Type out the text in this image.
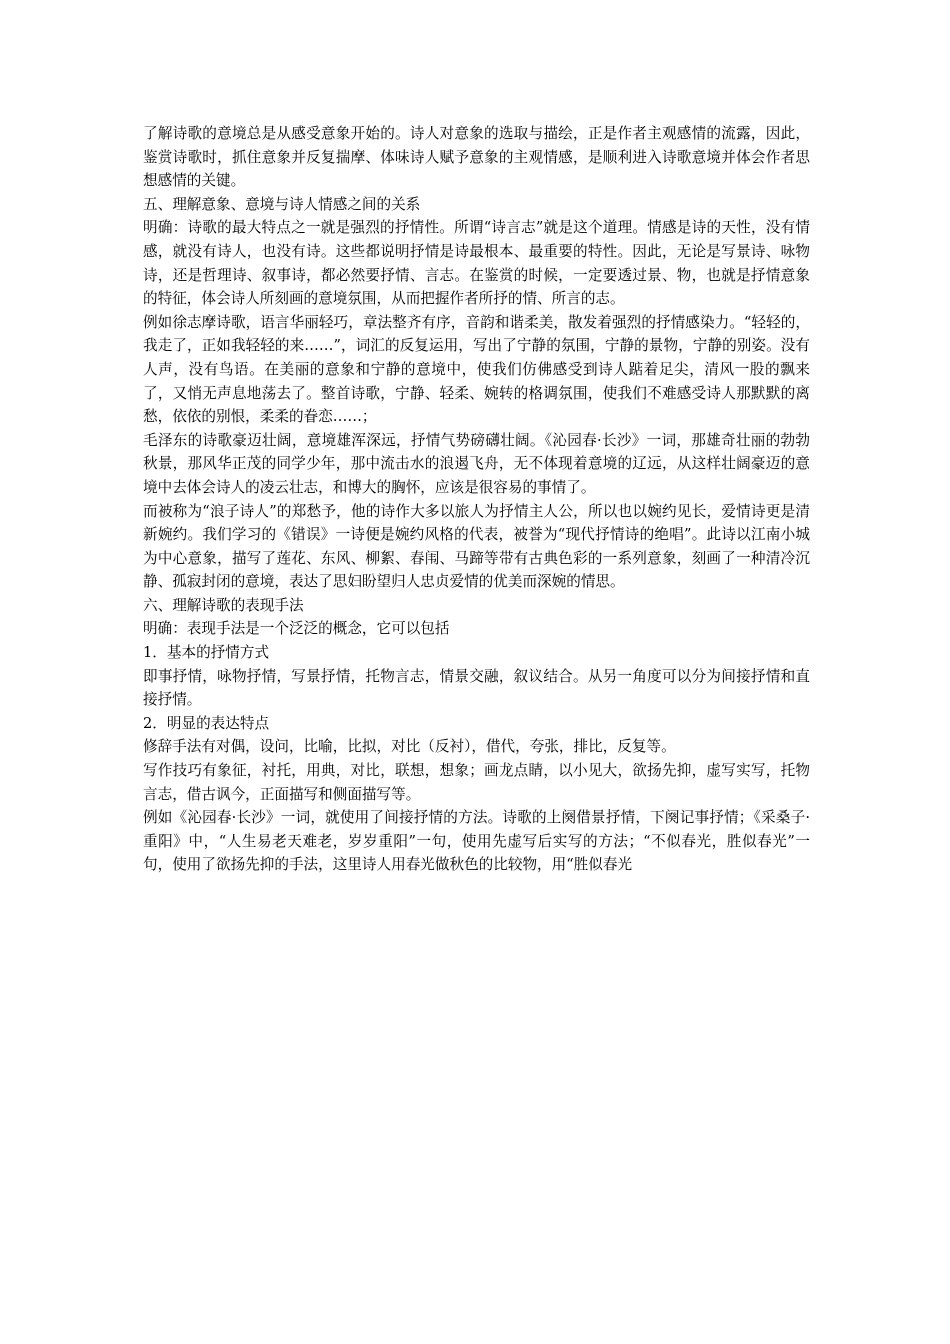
了解诗歌的意境总是从感受意象开始的。诗人对意象的选取与描绘，正是作者主观感情的流露，因此，鉴赏诗歌时，抓住意象并反复揣摩、体味诗人赋予意象的主观情感，是顺利进入诗歌意境并体会作者思想感情的关键。

五、理解意象、意境与诗人情感之间的关系

明确：诗歌的最大特点之一就是强烈的抒情性。所谓“诗言志”就是这个道理。情感是诗的天性，没有情感，就没有诗人，也没有诗。这些都说明抒情是诗最根本、最重要的特性。因此，无论是写景诗、咏物诗，还是哲理诗、叙事诗，都必然要抒情、言志。在鉴赏的时候，一定要透过景、物，也就是抒情意象的特征，体会诗人所刻画的意境氛围，从而把握作者所抒的情、所言的志。

例如徐志摩诗歌，语言华丽轻巧，章法整齐有序，音韵和谐柔美，散发着强烈的抒情感染力。“轻轻的，我走了，正如我轻轻的来……”，词汇的反复运用，写出了宁静的氛围，宁静的景物，宁静的别姿。没有人声，没有鸟语。在美丽的意象和宁静的意境中，使我们仿佛感受到诗人踮着足尖，清风一股的飘来了，又悄无声息地荡去了。整首诗歌，宁静、轻柔、婉转的格调氛围，使我们不难感受诗人那默默的离愁，依依的别恨，柔柔的眷恋……；

毛泽东的诗歌豪迈壮阔，意境雄浑深远，抒情气势磅礴壮阔。《沁园春·长沙》一词，那雄奇壮丽的勃勃秋景，那风华正茂的同学少年，那中流击水的浪遏飞舟，无不体现着意境的辽远，从这样壮阔豪迈的意境中去体会诗人的凌云壮志，和博大的胸怀，应该是很容易的事情了。

而被称为“浪子诗人”的郑愁予，他的诗作大多以旅人为抒情主人公，所以也以婉约见长，爱情诗更是清新婉约。我们学习的《错误》一诗便是婉约风格的代表，被誉为“现代抒情诗的绝唱”。此诗以江南小城为中心意象，描写了莲花、东风、柳絮、春闱、马蹄等带有古典色彩的一系列意象，刻画了一种清冷沉静、孤寂封闭的意境，表达了思妇盼望归人忠贞爱情的优美而深婉的情思。

六、理解诗歌的表现手法

明确：表现手法是一个泛泛的概念，它可以包括

1．基本的抒情方式

即事抒情，咏物抒情，写景抒情，托物言志，情景交融，叙议结合。从另一角度可以分为间接抒情和直接抒情。

2．明显的表达特点

修辞手法有对偶，设问，比喻，比拟，对比（反衬），借代，夸张，排比，反复等。

写作技巧有象征，衬托，用典，对比，联想，想象；画龙点睛，以小见大，欲扬先抑，虚写实写，托物言志，借古讽今，正面描写和侧面描写等。

例如《沁园春·长沙》一词，就使用了间接抒情的方法。诗歌的上阕借景抒情，下阕记事抒情；《采桑子·重阳》中，“人生易老天难老，岁岁重阳”一句，使用先虚写后实写的方法；“不似春光，胜似春光”一句，使用了欲扬先抑的手法，这里诗人用春光做秋色的比较物，用“胜似春光
